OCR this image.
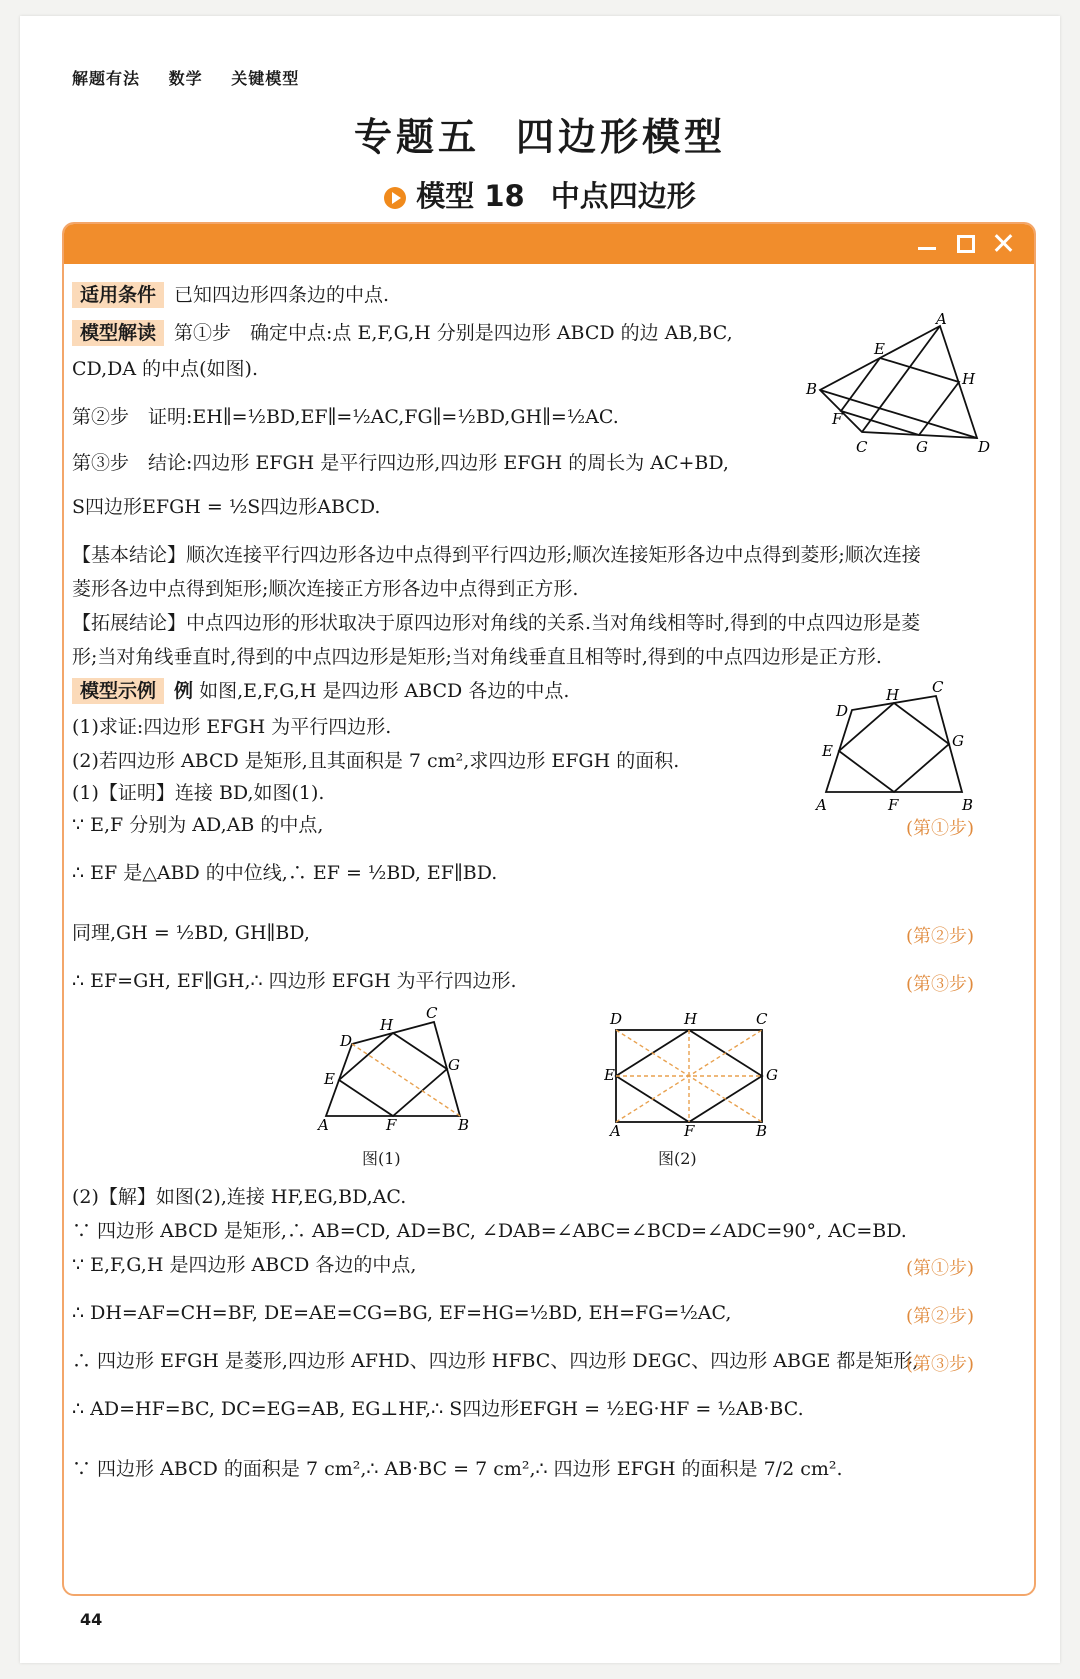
解题有法 数学 关键模型
专题五 四边形模型
模型 18 中点四边形
适用条件 已知四边形四条边的中点.
模型解读 第①步　确定中点:点 E,F,G,H 分别是四边形 ABCD 的边 AB,BC,
CD,DA 的中点(如图).
第②步　证明:EH∥=½BD,EF∥=½AC,FG∥=½BD,GH∥=½AC.
第③步　结论:四边形 EFGH 是平行四边形,四边形 EFGH 的周长为 AC+BD,
S四边形EFGH = ½S四边形ABCD.
A
B
C	D
E
F
G
H
【基本结论】顺次连接平行四边形各边中点得到平行四边形;顺次连接矩形各边中点得到菱形;顺次连接
菱形各边中点得到矩形;顺次连接正方形各边中点得到正方形.
【拓展结论】中点四边形的形状取决于原四边形对角线的关系.当对角线相等时,得到的中点四边形是菱
形;当对角线垂直时,得到的中点四边形是矩形;当对角线垂直且相等时,得到的中点四边形是正方形.
模型示例 例 如图,E,F,G,H 是四边形 ABCD 各边的中点.
(1)求证:四边形 EFGH 为平行四边形.
(2)若四边形 ABCD 是矩形,且其面积是 7 cm²,求四边形 EFGH 的面积.
A	B
C
D
E
F
G
H
(1)【证明】连接 BD,如图(1).
∵ E,F 分别为 AD,AB 的中点,	(第①步)
∴ EF 是△ABD 的中位线,∴ EF = ½BD, EF∥BD.
同理,GH = ½BD, GH∥BD,	(第②步)
∴ EF=GH, EF∥GH,∴ 四边形 EFGH 为平行四边形.	(第③步)
A	B
C
D
E
F
G
H
图(1)
A	B
C
D
E
F
G
H
图(2)
(2)【解】如图(2),连接 HF,EG,BD,AC.
∵ 四边形 ABCD 是矩形,∴ AB=CD, AD=BC, ∠DAB=∠ABC=∠BCD=∠ADC=90°, AC=BD.
∵ E,F,G,H 是四边形 ABCD 各边的中点,	(第①步)
∴ DH=AF=CH=BF, DE=AE=CG=BG, EF=HG=½BD, EH=FG=½AC,	(第②步)
∴ 四边形 EFGH 是菱形,四边形 AFHD、四边形 HFBC、四边形 DEGC、四边形 ABGE 都是矩形,
(第③步)
∴ AD=HF=BC, DC=EG=AB, EG⊥HF,∴ S四边形EFGH = ½EG·HF = ½AB·BC.
∵ 四边形 ABCD 的面积是 7 cm²,∴ AB·BC = 7 cm²,∴ 四边形 EFGH 的面积是 7/2 cm².
44
